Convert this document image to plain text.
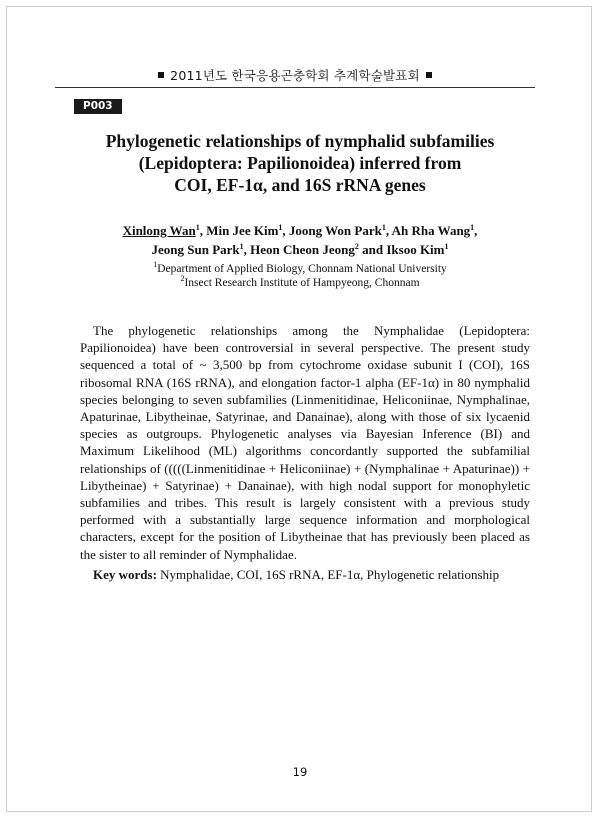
2011년도 한국응용곤충학회 추계학술발표회
P003
Phylogenetic relationships of nymphalid subfamilies
(Lepidoptera: Papilionoidea) inferred from
COI, EF-1α, and 16S rRNA genes
Xinlong Wan$^1$, Min Jee Kim$^1$, Joong Won Park$^1$, Ah Rha Wang$^1$,
Jeong Sun Park$^1$, Heon Cheon Jeong$^2$ and Iksoo Kim$^1$
$^1$Department of Applied Biology, Chonnam National University
$^2$Insect Research Institute of Hampyeong, Chonnam

The phylogenetic relationships among the Nymphalidae (Lepidoptera: Papilionoidea) have been controversial in several perspective. The present study sequenced a total of ~ 3,500 bp from cytochrome oxidase subunit I (COI), 16S ribosomal RNA (16S rRNA), and elongation factor-1 alpha (EF-1α) in 80 nymphalid species belonging to seven subfamilies (Linmenitidinae, Heliconiinae, Nymphalinae, Apaturinae, Libytheinae, Satyrinae, and Danainae), along with those of six lycaenid species as outgroups. Phylogenetic analyses via Bayesian Inference (BI) and Maximum Likelihood (ML) algorithms concordantly supported the subfamilial relationships of (((((Linmenitidinae + Heliconiinae) + (Nymphalinae + Apaturinae)) + Libytheinae) + Satyrinae) + Danainae), with high nodal support for monophyletic subfamilies and tribes. This result is largely consistent with a previous study performed with a substantially large sequence information and morphological characters, except for the position of Libytheinae that has previously been placed as the sister to all reminder of Nymphalidae.

Key words: Nymphalidae, COI, 16S rRNA, EF-1α, Phylogenetic relationship
19
